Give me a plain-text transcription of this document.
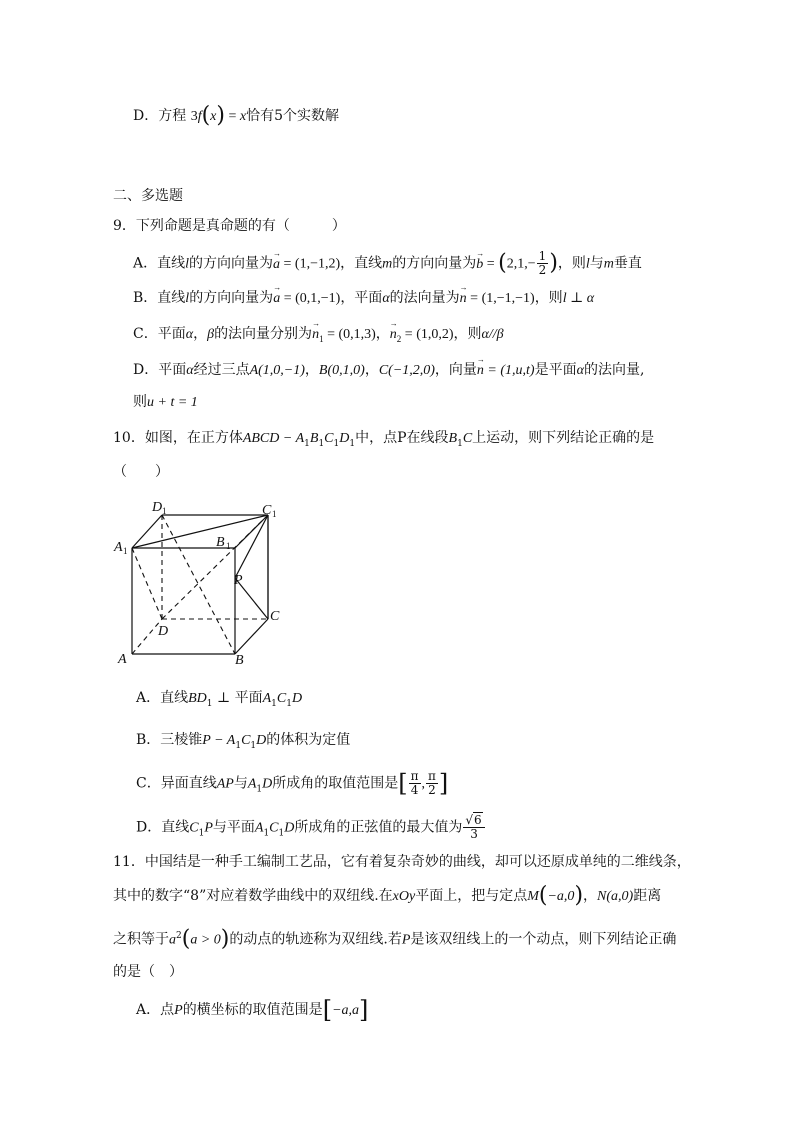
D．方程 3f(x) = x恰有5个实数解
二、多选题
9．下列命题是真命题的有（　　　）
A．直线l的方向向量为→ a = (1,−1,2)，直线m的方向向量为→ $b = (2,1,- \frac{1}{2}$ )，则l与m垂直
B．直线l的方向向量为→ a = (0,1,−1)，平面α的法向量为→ n = (1,−1,−1)，则l ⊥ α
C．平面α，β的法向量分别为→ $n_1 = (0,1,3)$，→ $n_2 = (1,0,2)$，则α//β
D．平面α经过三点A(1,0,−1)，B(0,1,0)，C(−1,2,0)，向量→ n = (1,u,t)是平面α的法向量,
则u + t = 1
10．如图，在正方体ABCD − $A_1B_1C_1D_1$中，点P在线段$B_1C$上运动，则下列结论正确的是
（　　）
D 1	C 1
A 1
B 1
P
C
D
A	B
A．直线$BD_1$ ⊥ 平面$A_1C_1D$
B．三棱锥$P - A_1C_1D$的体积为定值
C．异面直线AP与$A_1D$所成角的取值范围是[ $\frac{\pi}{4}$ , $\frac{\pi}{2}$ ]
D．直线$C_1P$与平面$A_1C_1D$所成角的正弦值的最大值为 $\frac{√6}{3}$
11．中国结是一种手工编制工艺品，它有着复杂奇妙的曲线，却可以还原成单纯的二维线条，
其中的数字“8”对应着数学曲线中的双纽线.在xOy平面上，把与定点M(−a,0)，N(a,0)距离
之积等于$a^2(a > 0)$的动点的轨迹称为双纽线.若P是该双纽线上的一个动点，则下列结论正确
的是（　）
A．点P的横坐标的取值范围是[−a,a]
